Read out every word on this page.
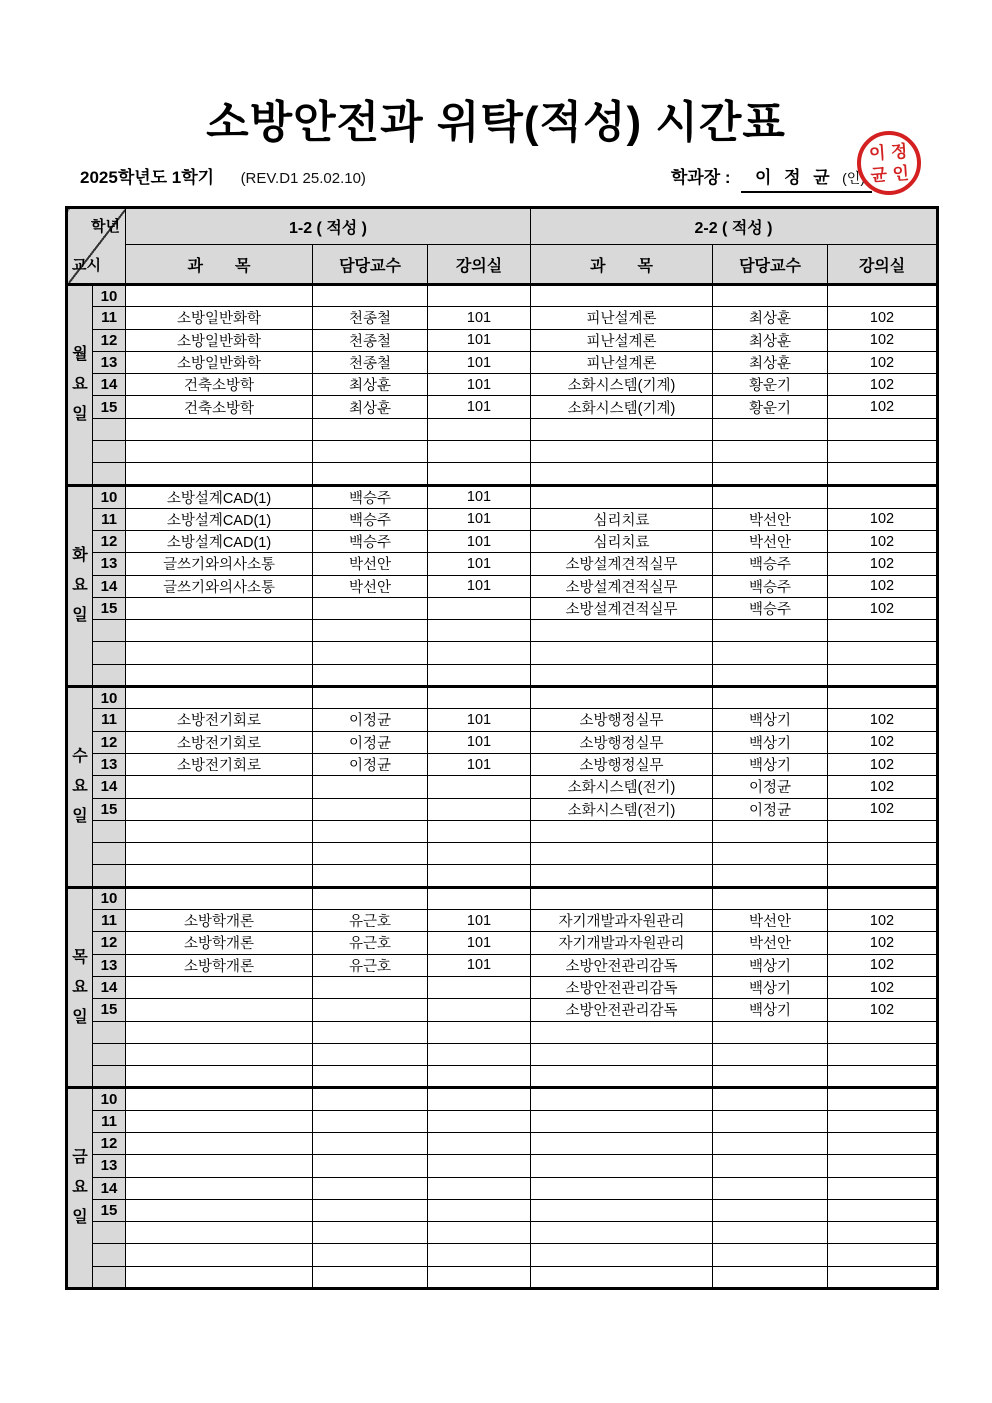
소방안전과 위탁(적성) 시간표
2025학년도 1학기 (REV.D1 25.02.10)	학과장 : 이 정 균 (인)
이 정
균 인
학년
교시		1-2 ( 적성 )			2-2 ( 적성 )		
		과　　목	담당교수	강의실	과　　목	담당교수	강의실

월
요
일	10						
	11	소방일반화학	천종철	101	피난설계론	최상훈	102
	12	소방일반화학	천종철	101	피난설계론	최상훈	102
	13	소방일반화학	천종철	101	피난설계론	최상훈	102
	14	건축소방학	최상훈	101	소화시스템(기계)	황운기	102
	15	건축소방학	최상훈	101	소화시스템(기계)	황운기	102

화
요
일	10	소방설계CAD(1)	백승주	101			
	11	소방설계CAD(1)	백승주	101	심리치료	박선안	102
	12	소방설계CAD(1)	백승주	101	심리치료	박선안	102
	13	글쓰기와의사소통	박선안	101	소방설계견적실무	백승주	102
	14	글쓰기와의사소통	박선안	101	소방설계견적실무	백승주	102
	15				소방설계견적실무	백승주	102

수
요
일	10						
	11	소방전기회로	이정균	101	소방행정실무	백상기	102
	12	소방전기회로	이정균	101	소방행정실무	백상기	102
	13	소방전기회로	이정균	101	소방행정실무	백상기	102
	14				소화시스템(전기)	이정균	102
	15				소화시스템(전기)	이정균	102

목
요
일	10						
	11	소방학개론	유근호	101	자기개발과자원관리	박선안	102
	12	소방학개론	유근호	101	자기개발과자원관리	박선안	102
	13	소방학개론	유근호	101	소방안전관리감독	백상기	102
	14				소방안전관리감독	백상기	102
	15				소방안전관리감독	백상기	102

금
요
일	10						
	11						
	12						
	13						
	14						
	15						
